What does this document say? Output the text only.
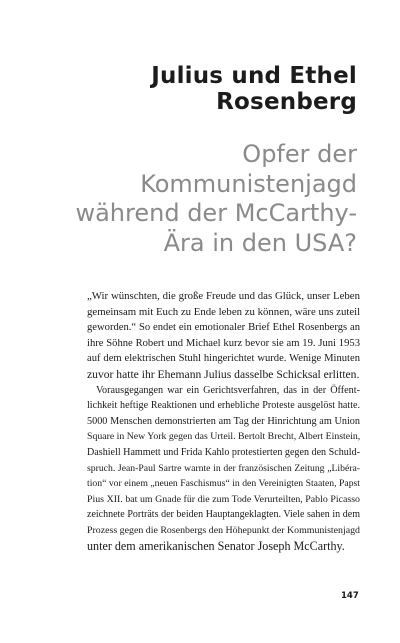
Julius und Ethel
Rosenberg
Opfer der
Kommunistenjagd
während der McCarthy-
Ära in den USA?
„Wir wünschten, die große Freude und das Glück, unser Leben
gemeinsam mit Euch zu Ende leben zu können, wäre uns zuteil
geworden.“ So endet ein emotionaler Brief Ethel Rosenbergs an
ihre Söhne Robert und Michael kurz bevor sie am 19. Juni 1953
auf dem elektrischen Stuhl hingerichtet wurde. Wenige Minuten
zuvor hatte ihr Ehemann Julius dasselbe Schicksal erlitten.
Vorausgegangen war ein Gerichtsverfahren, das in der Öffent-
lichkeit heftige Reaktionen und erhebliche Proteste ausgelöst hatte.
5000 Menschen demonstrierten am Tag der Hinrichtung am Union
Square in New York gegen das Urteil. Bertolt Brecht, Albert Einstein,
Dashiell Hammett und Frida Kahlo protestierten gegen den Schuld-
spruch. Jean-Paul Sartre warnte in der französischen Zeitung „Libéra-
tion“ vor einem „neuen Faschismus“ in den Vereinigten Staaten, Papst
Pius XII. bat um Gnade für die zum Tode Verurteilten, Pablo Picasso
zeichnete Porträts der beiden Hauptangeklagten. Viele sahen in dem
Prozess gegen die Rosenbergs den Höhepunkt der Kommunistenjagd
unter dem amerikanischen Senator Joseph McCarthy.
147
